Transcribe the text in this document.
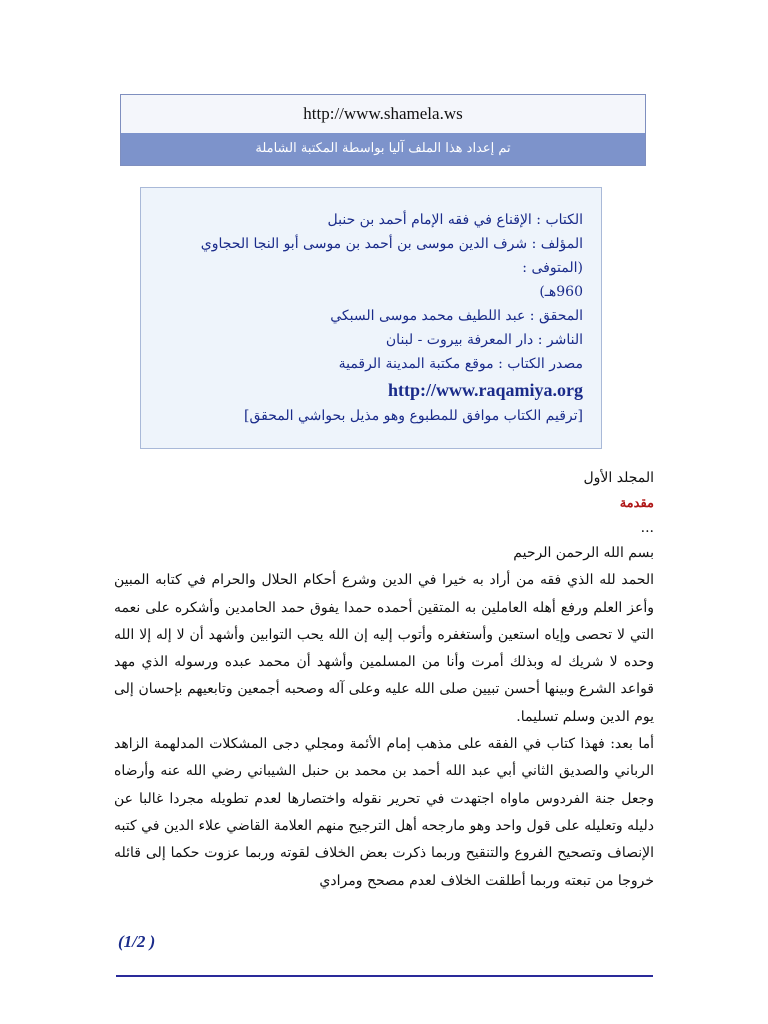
http://www.shamela.ws
تم إعداد هذا الملف آليا بواسطة المكتبة الشاملة
الكتاب : الإقناع في فقه الإمام أحمد بن حنبل
المؤلف : شرف الدين موسى بن أحمد بن موسى أبو النجا الحجاوي (المتوفى :
960هـ)
المحقق : عبد اللطيف محمد موسى السبكي
الناشر : دار المعرفة بيروت - لبنان
مصدر الكتاب : موقع مكتبة المدينة الرقمية
http://www.raqamiya.org
[ترقيم الكتاب موافق للمطبوع وهو مذيل بحواشي المحقق]
المجلد الأول
مقدمة
...

بسم الله الرحمن الرحيم

الحمد لله الذي فقه من أراد به خيرا في الدين وشرع أحكام الحلال والحرام في كتابه المبين وأعز العلم ورفع أهله العاملين به المتقين أحمده حمدا يفوق حمد الحامدين وأشكره على نعمه التي لا تحصى وإياه استعين وأستغفره وأتوب إليه إن الله يحب التوابين وأشهد أن لا إله إلا الله وحده لا شريك له وبذلك أمرت وأنا من المسلمين وأشهد أن محمد عبده ورسوله الذي مهد قواعد الشرع وبينها أحسن تبيين صلى الله عليه وعلى آله وصحبه أجمعين وتابعيهم بإحسان إلى يوم الدين وسلم تسليما.

أما بعد: فهذا كتاب في الفقه على مذهب إمام الأئمة ومجلي دجى المشكلات المدلهمة الزاهد الرباني والصديق الثاني أبي عبد الله أحمد بن محمد بن حنبل الشيباني رضي الله عنه وأرضاه وجعل جنة الفردوس ماواه اجتهدت في تحرير نقوله واختصارها لعدم تطويله مجردا غالبا عن دليله وتعليله على قول واحد وهو مارجحه أهل الترجيح منهم العلامة القاضي علاء الدين في كتبه الإنصاف وتصحيح الفروع والتنقيح وربما ذكرت بعض الخلاف لقوته وربما عزوت حكما إلى قائله خروجا من تبعته وربما أطلقت الخلاف لعدم مصحح ومرادي

(1/2 )
